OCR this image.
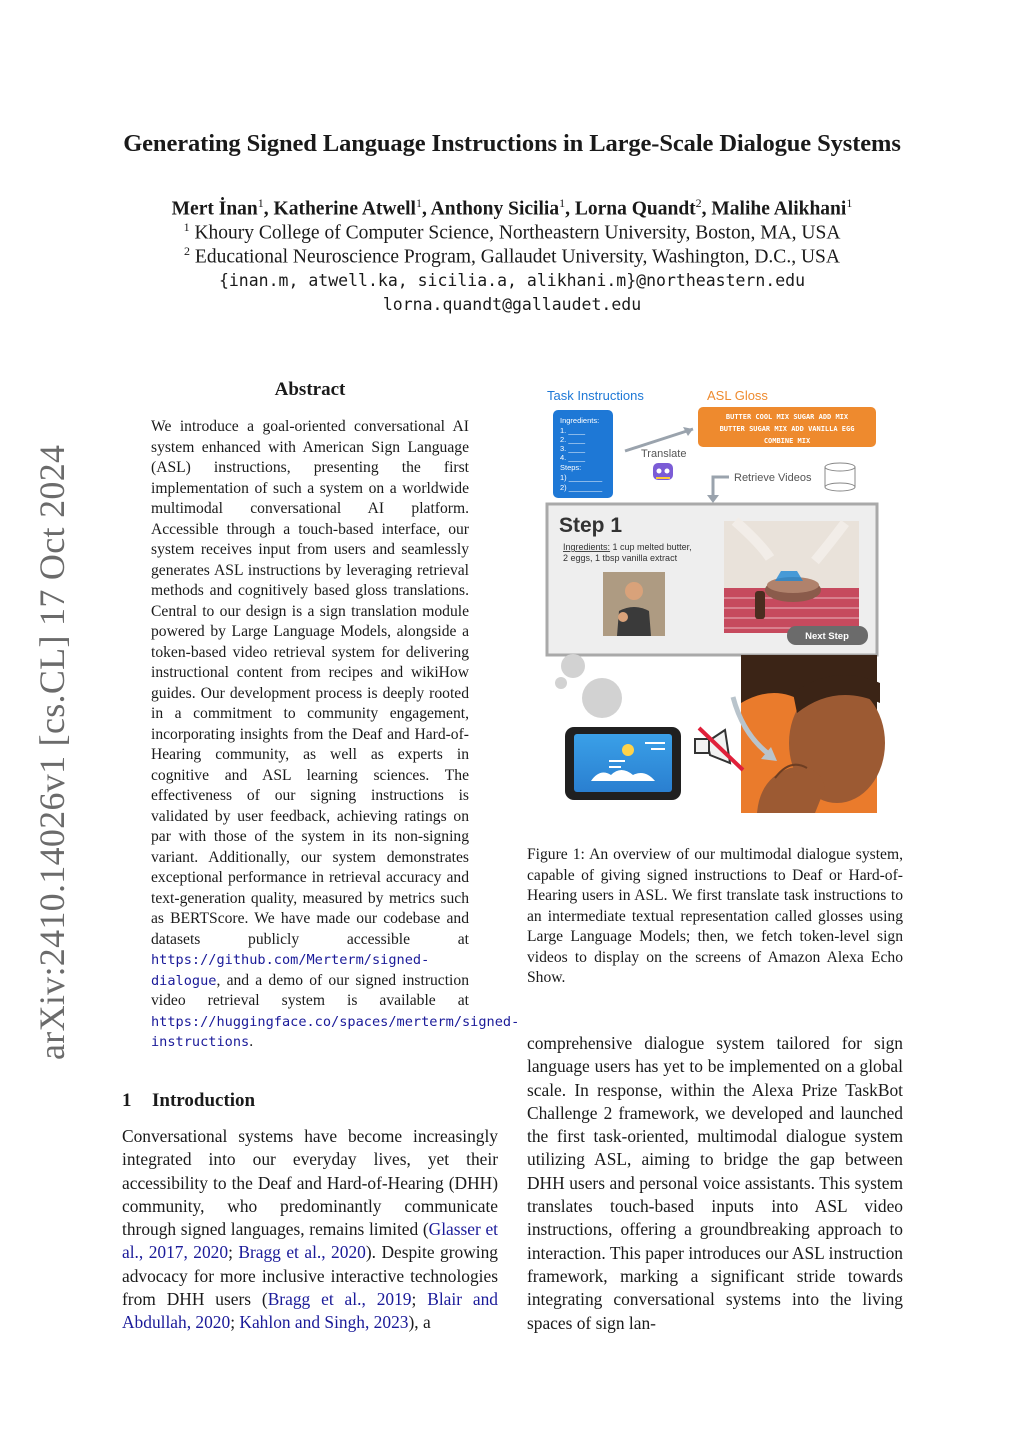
arXiv:2410.14026v1 [cs.CL] 17 Oct 2024
Generating Signed Language Instructions in Large-Scale Dialogue Systems
Mert İnan$^1$, Katherine Atwell$^1$, Anthony Sicilia$^1$, Lorna Quandt$^2$, Malihe Alikhani$^1$
$^1$ Khoury College of Computer Science, Northeastern University, Boston, MA, USA
$^2$ Educational Neuroscience Program, Gallaudet University, Washington, D.C., USA
{inan.m, atwell.ka, sicilia.a, alikhani.m}@northeastern.edu
lorna.quandt@gallaudet.edu
Abstract
We introduce a goal-oriented conversational AI system enhanced with American Sign Language (ASL) instructions, presenting the first implementation of such a system on a worldwide multimodal conversational AI platform. Accessible through a touch-based interface, our system receives input from users and seamlessly generates ASL instructions by leveraging retrieval methods and cognitively based gloss translations. Central to our design is a sign translation module powered by Large Language Models, alongside a token-based video retrieval system for delivering instructional content from recipes and wikiHow guides. Our development process is deeply rooted in a commitment to community engagement, incorporating insights from the Deaf and Hard-of-Hearing community, as well as experts in cognitive and ASL learning sciences. The effectiveness of our signing instructions is validated by user feedback, achieving ratings on par with those of the system in its non-signing variant. Additionally, our system demonstrates exceptional performance in retrieval accuracy and text-generation quality, measured by metrics such as BERTScore. We have made our codebase and datasets publicly accessible at https://github.com/Merterm/signed-dialogue, and a demo of our signed instruction video retrieval system is available at https://huggingface.co/spaces/merterm/signed-instructions.
1 Introduction
Conversational systems have become increasingly integrated into our everyday lives, yet their accessibility to the Deaf and Hard-of-Hearing (DHH) community, who predominantly communicate through signed languages, remains limited (Glasser et al., 2017, 2020; Bragg et al., 2020). Despite growing advocacy for more inclusive interactive technologies from DHH users (Bragg et al., 2019; Blair and Abdullah, 2020; Kahlon and Singh, 2023), a
Task Instructions	ASL Gloss
Ingredients:
1. ____
2. ____
3. ____
4. ____
Steps:
1) ________
2) ________
Translate
BUTTER COOL MIX SUGAR ADD MIX
BUTTER SUGAR MIX ADD VANILLA EGG
COMBINE MIX
Retrieve Videos
Step 1
Ingredients: 1 cup melted butter,
2 eggs, 1 tbsp vanilla extract
Next Step
Figure 1: An overview of our multimodal dialogue system, capable of giving signed instructions to Deaf or Hard-of-Hearing users in ASL. We first translate task instructions to an intermediate textual representation called glosses using Large Language Models; then, we fetch token-level sign videos to display on the screens of Amazon Alexa Echo Show.
comprehensive dialogue system tailored for sign language users has yet to be implemented on a global scale. In response, within the Alexa Prize TaskBot Challenge 2 framework, we developed and launched the first task-oriented, multimodal dialogue system utilizing ASL, aiming to bridge the gap between DHH users and personal voice assistants. This system translates touch-based inputs into ASL video instructions, offering a groundbreaking approach to interaction. This paper introduces our ASL instruction framework, marking a significant stride towards integrating conversational systems into the living spaces of sign lan-
